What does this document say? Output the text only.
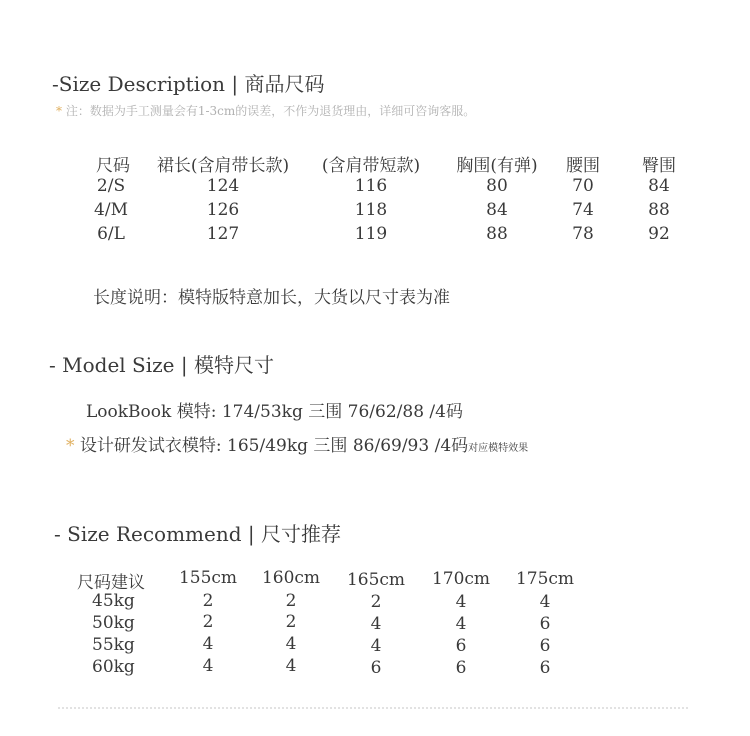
-Size Description | 商品尺码
* 注：数据为手工测量会有1-3cm的误差，不作为退货理由，详细可咨询客服。
尺码 裙长(含肩带长款) (含肩带短款) 胸围(有弹) 腰围 臀围
2/S	124	116	80	70	84
4/M	126	118	84	74	88
6/L	127	119	88	78	92
长度说明：模特版特意加长，大货以尺寸表为准
- Model Size | 模特尺寸
LookBook 模特: 174/53kg 三围 76/62/88 /4码
* 设计研发试衣模特: 165/49kg 三围 86/69/93 /4码对应模特效果
- Size Recommend | 尺寸推荐
尺码建议 155cm 160cm 165cm 170cm 175cm
45kg	2	2	2	4	4
50kg	2	2	4	4	6
55kg	4	4	4	6	6
60kg	4	4	6	6	6
